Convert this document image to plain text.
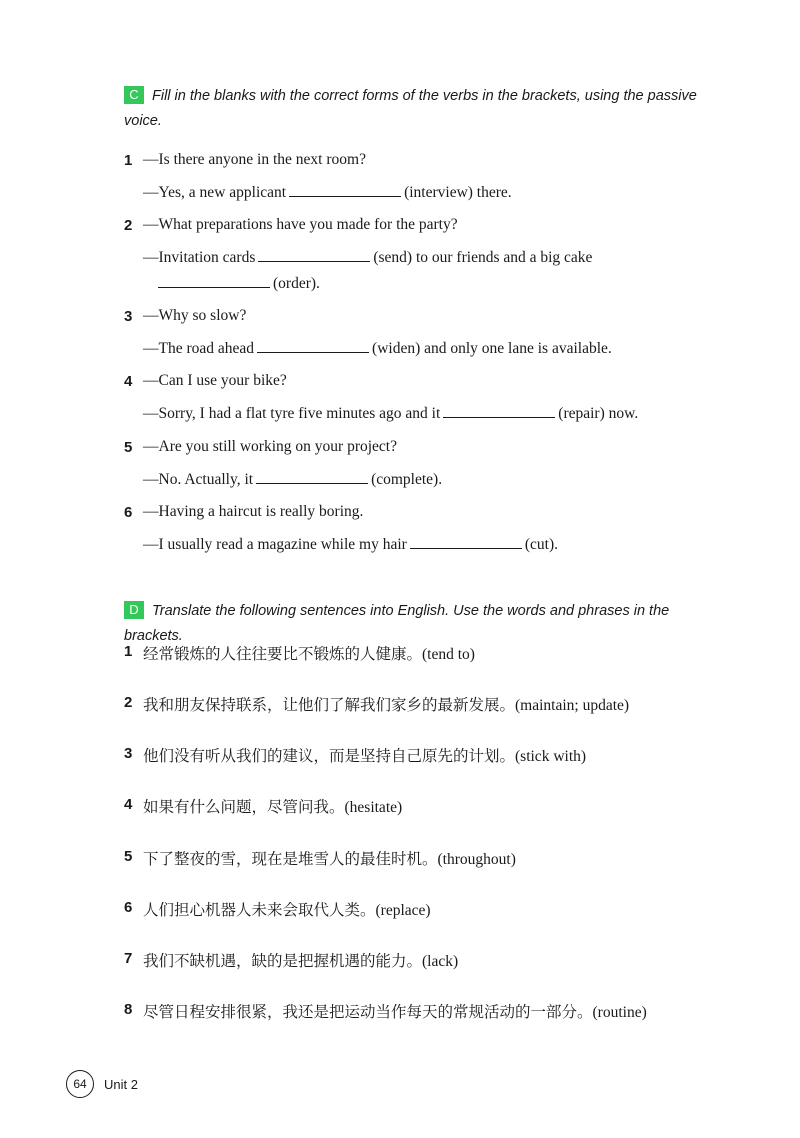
C Fill in the blanks with the correct forms of the verbs in the brackets, using the passive voice.
1 —Is there anyone in the next room?
—Yes, a new applicant	(interview) there.
2 —What preparations have you made for the party?
—Invitation cards	(send) to our friends and a big cake
(order).
3 —Why so slow?
—The road ahead	(widen) and only one lane is available.
4 —Can I use your bike?
—Sorry, I had a flat tyre five minutes ago and it	(repair) now.
5 —Are you still working on your project?
—No. Actually, it	(complete).
6 —Having a haircut is really boring.
—I usually read a magazine while my hair	(cut).
D Translate the following sentences into English. Use the words and phrases in the brackets.
1 经常锻炼的人往往要比不锻炼的人健康。(tend to)
2 我和朋友保持联系，让他们了解我们家乡的最新发展。(maintain; update)
3 他们没有听从我们的建议，而是坚持自己原先的计划。(stick with)
4 如果有什么问题，尽管问我。(hesitate)
5 下了整夜的雪，现在是堆雪人的最佳时机。(throughout)
6 人们担心机器人未来会取代人类。(replace)
7 我们不缺机遇，缺的是把握机遇的能力。(lack)
8 尽管日程安排很紧，我还是把运动当作每天的常规活动的一部分。(routine)
64	Unit 2
